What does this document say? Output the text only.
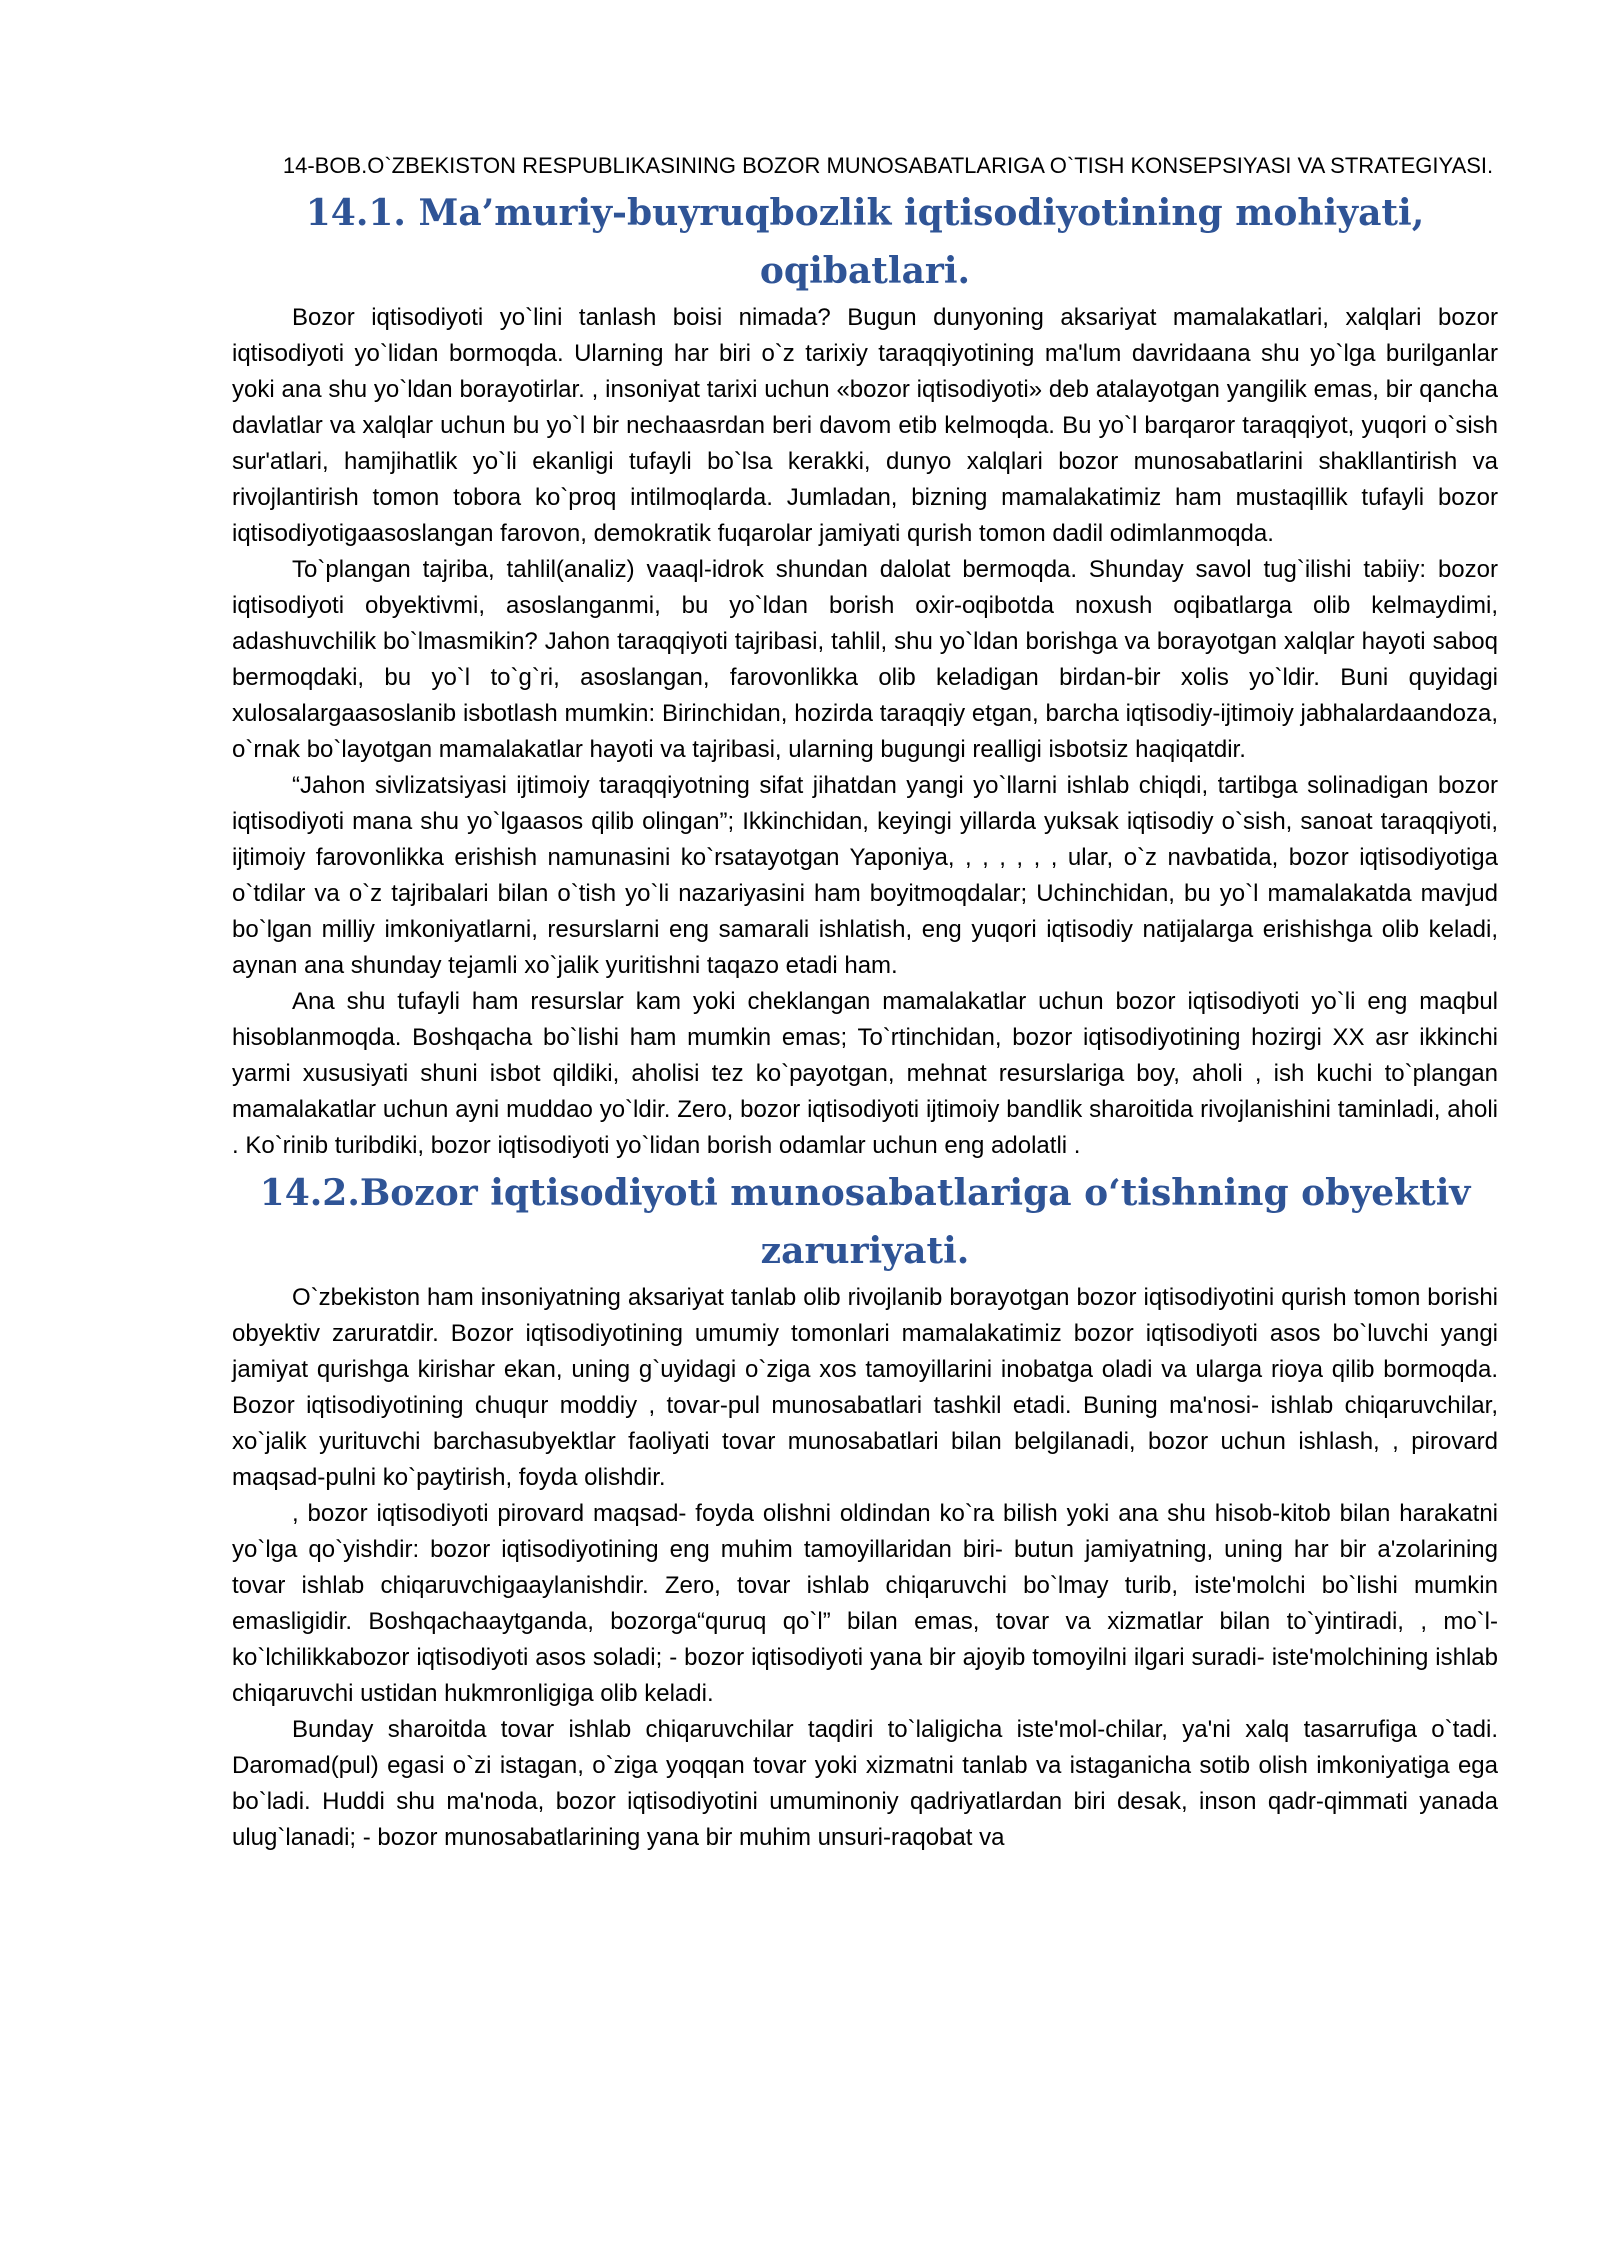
14-BOB.O`ZBEKISTON RESPUBLIKASINING BOZOR MUNOSABATLARIGA O`TISH KONSEPSIYASI VA STRATEGIYASI.
14.1. Ma’muriy-buyruqbozlik iqtisodiyotining mohiyati, oqibatlari.

Bozor iqtisodiyoti yo`lini tanlash boisi nimada? Bugun dunyoning aksariyat mamalakatlari, xalqlari bozor iqtisodiyoti yo`lidan bormoqda. Ularning har biri o`z tarixiy taraqqiyotining ma'lum davridaana shu yo`lga burilganlar yoki ana shu yo`ldan borayotirlar. , insoniyat tarixi uchun «bozor iqtisodiyoti» deb atalayotgan yangilik emas, bir qancha davlatlar va xalqlar uchun bu yo`l bir nechaasrdan beri davom etib kelmoqda. Bu yo`l barqaror taraqqiyot, yuqori o`sish sur'atlari, hamjihatlik yo`li ekanligi tufayli bo`lsa kerakki, dunyo xalqlari bozor munosabatlarini shakllantirish va rivojlantirish tomon tobora ko`proq intilmoqlarda. Jumladan, bizning mamalakatimiz ham mustaqillik tufayli bozor iqtisodiyotigaasoslangan farovon, demokratik fuqarolar jamiyati qurish tomon dadil odimlanmoqda.

To`plangan tajriba, tahlil(analiz) vaaql-idrok shundan dalolat bermoqda. Shunday savol tug`ilishi tabiiy: bozor iqtisodiyoti obyektivmi, asoslanganmi, bu yo`ldan borish oxir-oqibotda noxush oqibatlarga olib kelmaydimi, adashuvchilik bo`lmasmikin? Jahon taraqqiyoti tajribasi, tahlil, shu yo`ldan borishga va borayotgan xalqlar hayoti saboq bermoqdaki, bu yo`l to`g`ri, asoslangan, farovonlikka olib keladigan birdan-bir xolis yo`ldir. Buni quyidagi xulosalargaasoslanib isbotlash mumkin: Birinchidan, hozirda taraqqiy etgan, barcha iqtisodiy-ijtimoiy jabhalardaandoza, o`rnak bo`layotgan mamalakatlar hayoti va tajribasi, ularning bugungi realligi isbotsiz haqiqatdir.

“Jahon sivlizatsiyasi ijtimoiy taraqqiyotning sifat jihatdan yangi yo`llarni ishlab chiqdi, tartibga solinadigan bozor iqtisodiyoti mana shu yo`lgaasos qilib olingan”; Ikkinchidan, keyingi yillarda yuksak iqtisodiy o`sish, sanoat taraqqiyoti, ijtimoiy farovonlikka erishish namunasini ko`rsatayotgan Yaponiya, , , , , , , ular, o`z navbatida, bozor iqtisodiyotiga o`tdilar va o`z tajribalari bilan o`tish yo`li nazariyasini ham boyitmoqdalar; Uchinchidan, bu yo`l mamalakatda mavjud bo`lgan milliy imkoniyatlarni, resurslarni eng samarali ishlatish, eng yuqori iqtisodiy natijalarga erishishga olib keladi, aynan ana shunday tejamli xo`jalik yuritishni taqazo etadi ham.

Ana shu tufayli ham resurslar kam yoki cheklangan mamalakatlar uchun bozor iqtisodiyoti yo`li eng maqbul hisoblanmoqda. Boshqacha bo`lishi ham mumkin emas; To`rtinchidan, bozor iqtisodiyotining hozirgi XX asr ikkinchi yarmi xususiyati shuni isbot qildiki, aholisi tez ko`payotgan, mehnat resurslariga boy, aholi , ish kuchi to`plangan mamalakatlar uchun ayni muddao yo`ldir. Zero, bozor iqtisodiyoti ijtimoiy bandlik sharoitida rivojlanishini taminladi, aholi . Ko`rinib turibdiki, bozor iqtisodiyoti yo`lidan borish odamlar uchun eng adolatli .

14.2.Bozor iqtisodiyoti munosabatlariga o‘tishning obyektiv zaruriyati.

O`zbekiston ham insoniyatning aksariyat tanlab olib rivojlanib borayotgan bozor iqtisodiyotini qurish tomon borishi obyektiv zaruratdir. Bozor iqtisodiyotining umumiy tomonlari mamalakatimiz bozor iqtisodiyoti asos bo`luvchi yangi jamiyat qurishga kirishar ekan, uning g`uyidagi o`ziga xos tamoyillarini inobatga oladi va ularga rioya qilib bormoqda. Bozor iqtisodiyotining chuqur moddiy , tovar-pul munosabatlari tashkil etadi. Buning ma'nosi- ishlab chiqaruvchilar, xo`jalik yurituvchi barchasubyektlar faoliyati tovar munosabatlari bilan belgilanadi, bozor uchun ishlash, , pirovard maqsad-pulni ko`paytirish, foyda olishdir.

, bozor iqtisodiyoti pirovard maqsad- foyda olishni oldindan ko`ra bilish yoki ana shu hisob-kitob bilan harakatni yo`lga qo`yishdir: bozor iqtisodiyotining eng muhim tamoyillaridan biri- butun jamiyatning, uning har bir a'zolarining tovar ishlab chiqaruvchigaaylanishdir. Zero, tovar ishlab chiqaruvchi bo`lmay turib, iste'molchi bo`lishi mumkin emasligidir. Boshqachaaytganda, bozorga“quruq qo`l” bilan emas, tovar va xizmatlar bilan to`yintiradi, , mo`l-ko`lchilikkabozor iqtisodiyoti asos soladi; - bozor iqtisodiyoti yana bir ajoyib tomoyilni ilgari suradi- iste'molchining ishlab chiqaruvchi ustidan hukmronligiga olib keladi.

Bunday sharoitda tovar ishlab chiqaruvchilar taqdiri to`laligicha iste'mol-chilar, ya'ni xalq tasarrufiga o`tadi. Daromad(pul) egasi o`zi istagan, o`ziga yoqqan tovar yoki xizmatni tanlab va istaganicha sotib olish imkoniyatiga ega bo`ladi. Huddi shu ma'noda, bozor iqtisodiyotini umuminoniy qadriyatlardan biri desak, inson qadr-qimmati yanada ulug`lanadi; - bozor munosabatlarining yana bir muhim unsuri-raqobat va
